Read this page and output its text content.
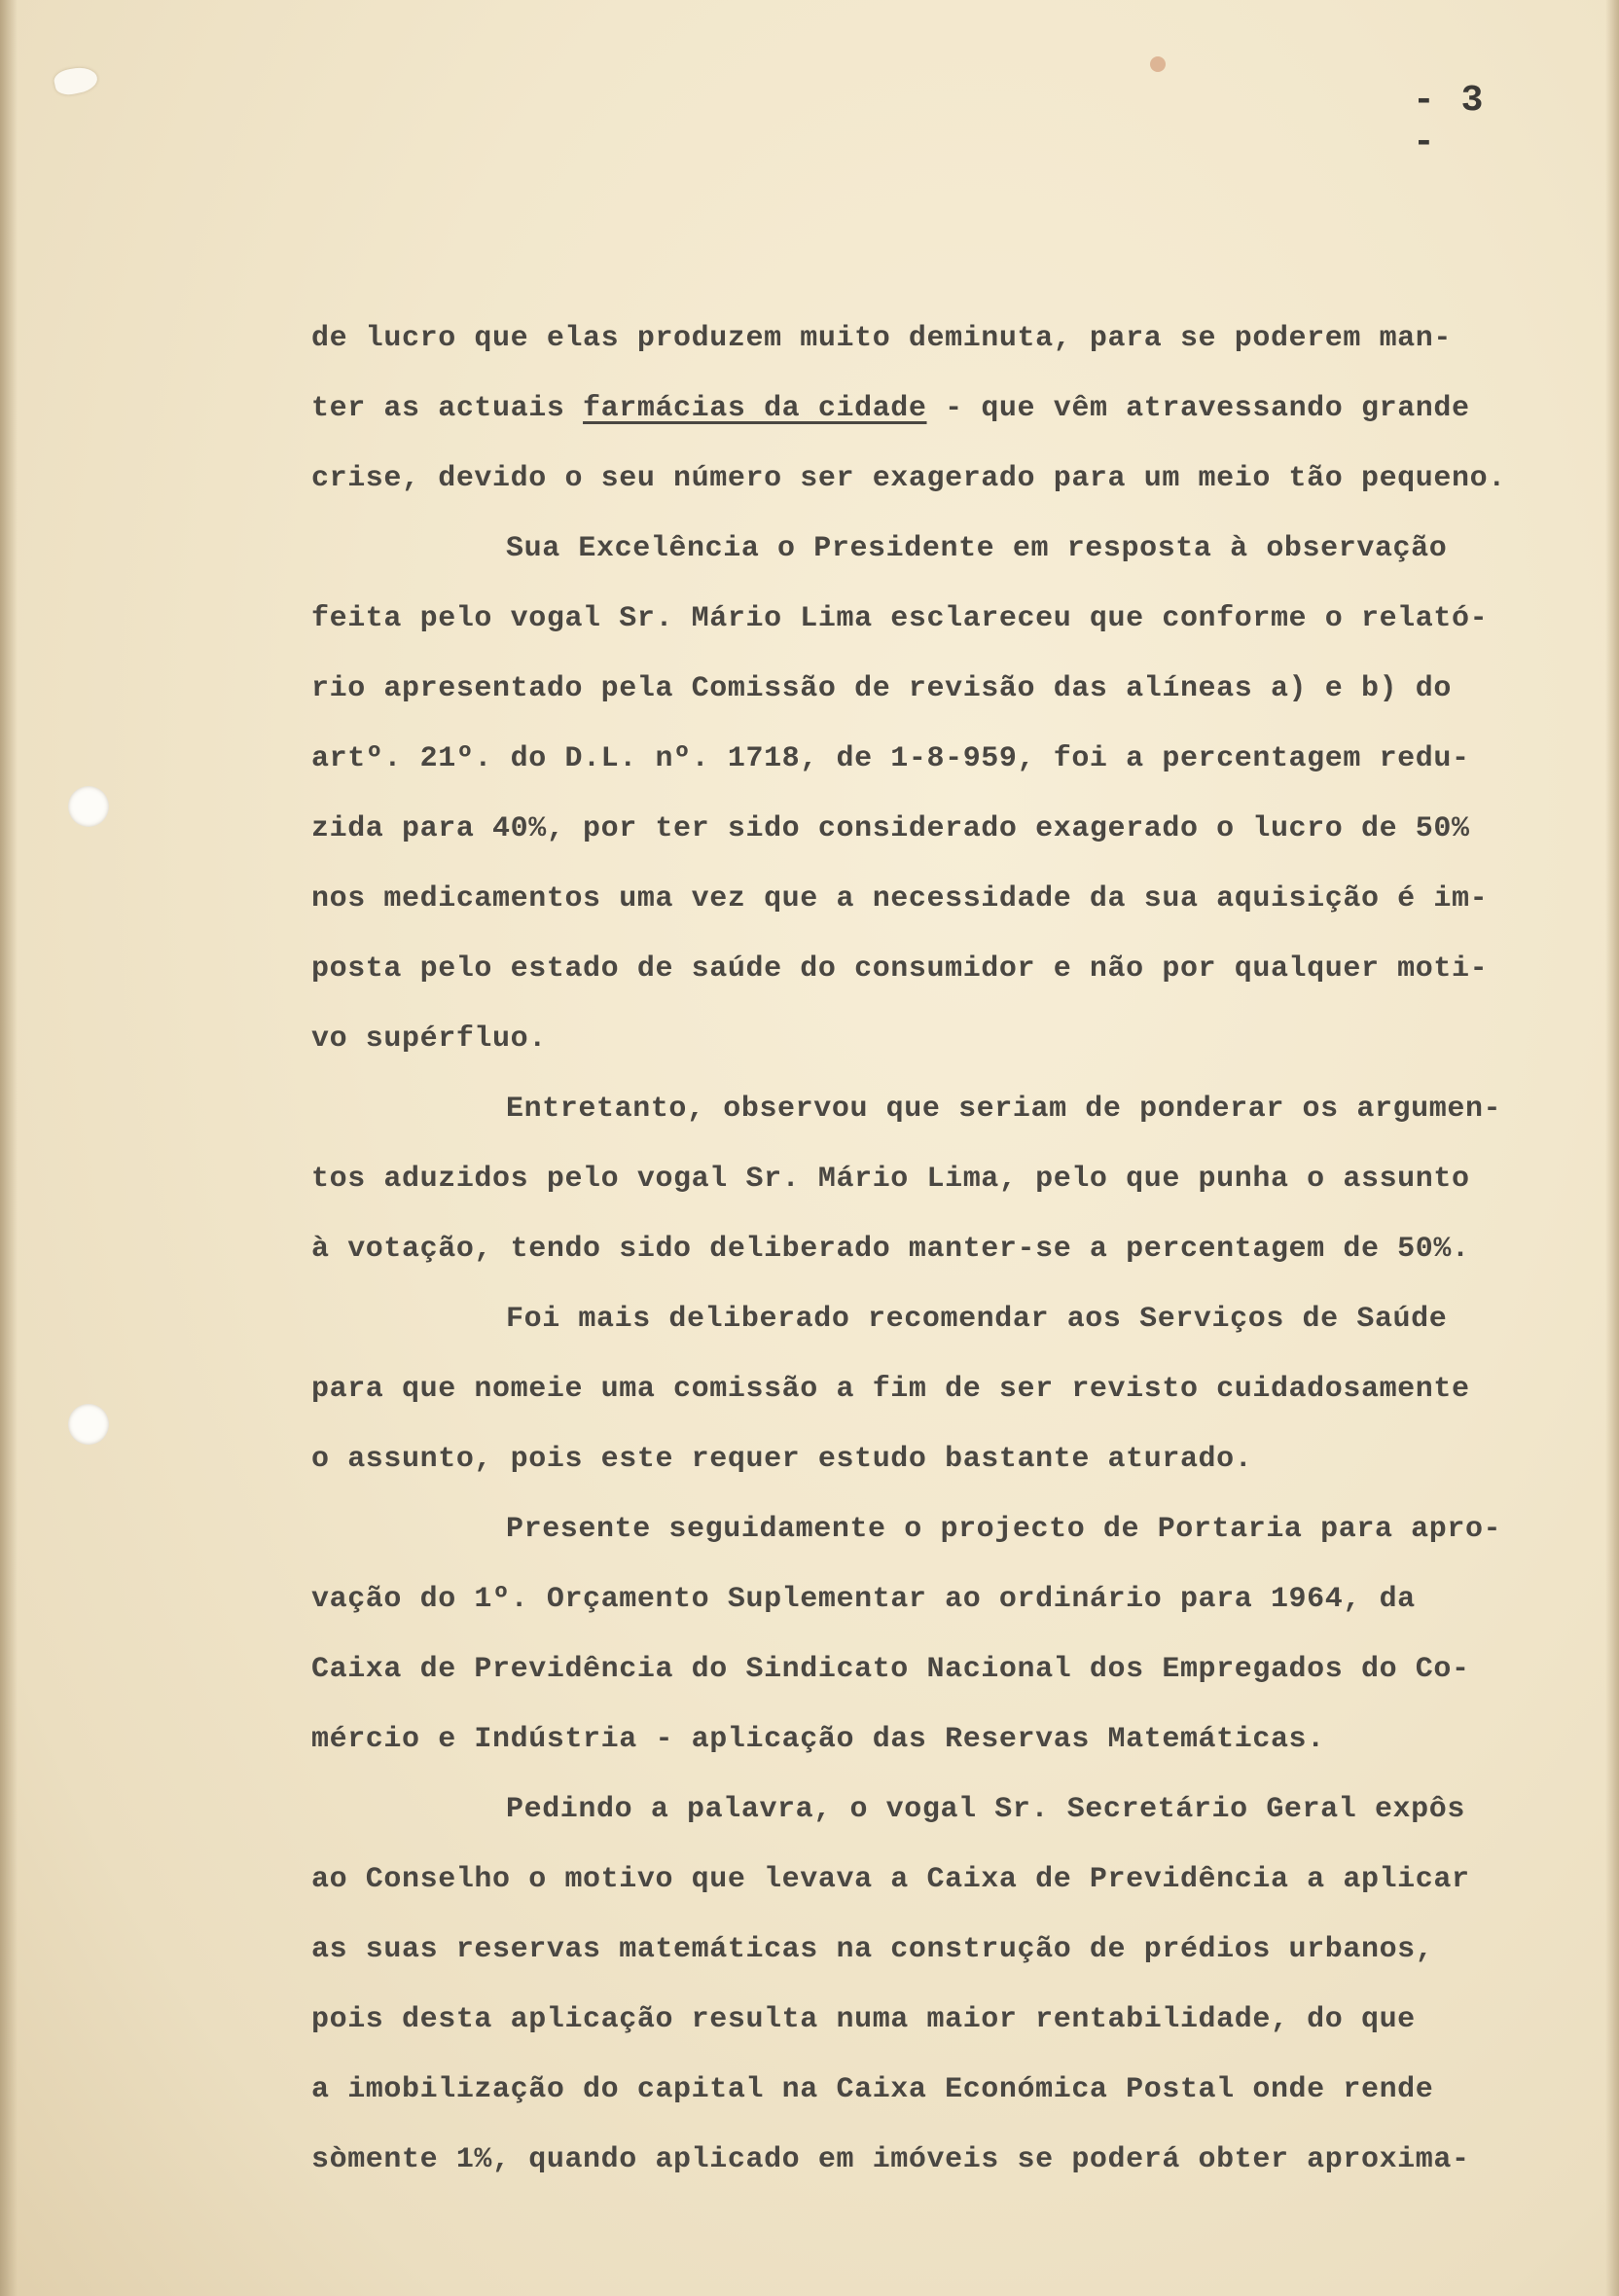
- 3 -
de lucro que elas produzem muito deminuta, para se poderem man-
ter as actuais farmácias da cidade - que vêm atravessando grande
crise, devido o seu número ser exagerado para um meio tão pequeno.
Sua Excelência o Presidente em resposta à observação
feita pelo vogal Sr. Mário Lima esclareceu que conforme o relató-
rio apresentado pela Comissão de revisão das alíneas a) e b) do
artº. 21º. do D.L. nº. 1718, de 1-8-959, foi a percentagem redu-
zida para 40%, por ter sido considerado exagerado o lucro de 50%
nos medicamentos uma vez que a necessidade da sua aquisição é im-
posta pelo estado de saúde do consumidor e não por qualquer moti-
vo supérfluo.
Entretanto, observou que seriam de ponderar os argumen-
tos aduzidos pelo vogal Sr. Mário Lima, pelo que punha o assunto
à votação, tendo sido deliberado manter-se a percentagem de 50%.
Foi mais deliberado recomendar aos Serviços de Saúde
para que nomeie uma comissão a fim de ser revisto cuidadosamente
o assunto, pois este requer estudo bastante aturado.
Presente seguidamente o projecto de Portaria para apro-
vação do 1º. Orçamento Suplementar ao ordinário para 1964, da
Caixa de Previdência do Sindicato Nacional dos Empregados do Co-
mércio e Indústria - aplicação das Reservas Matemáticas.
Pedindo a palavra, o vogal Sr. Secretário Geral expôs
ao Conselho o motivo que levava a Caixa de Previdência a aplicar
as suas reservas matemáticas na construção de prédios urbanos,
pois desta aplicação resulta numa maior rentabilidade, do que
a imobilização do capital na Caixa Económica Postal onde rende
sòmente 1%, quando aplicado em imóveis se poderá obter aproxima-
